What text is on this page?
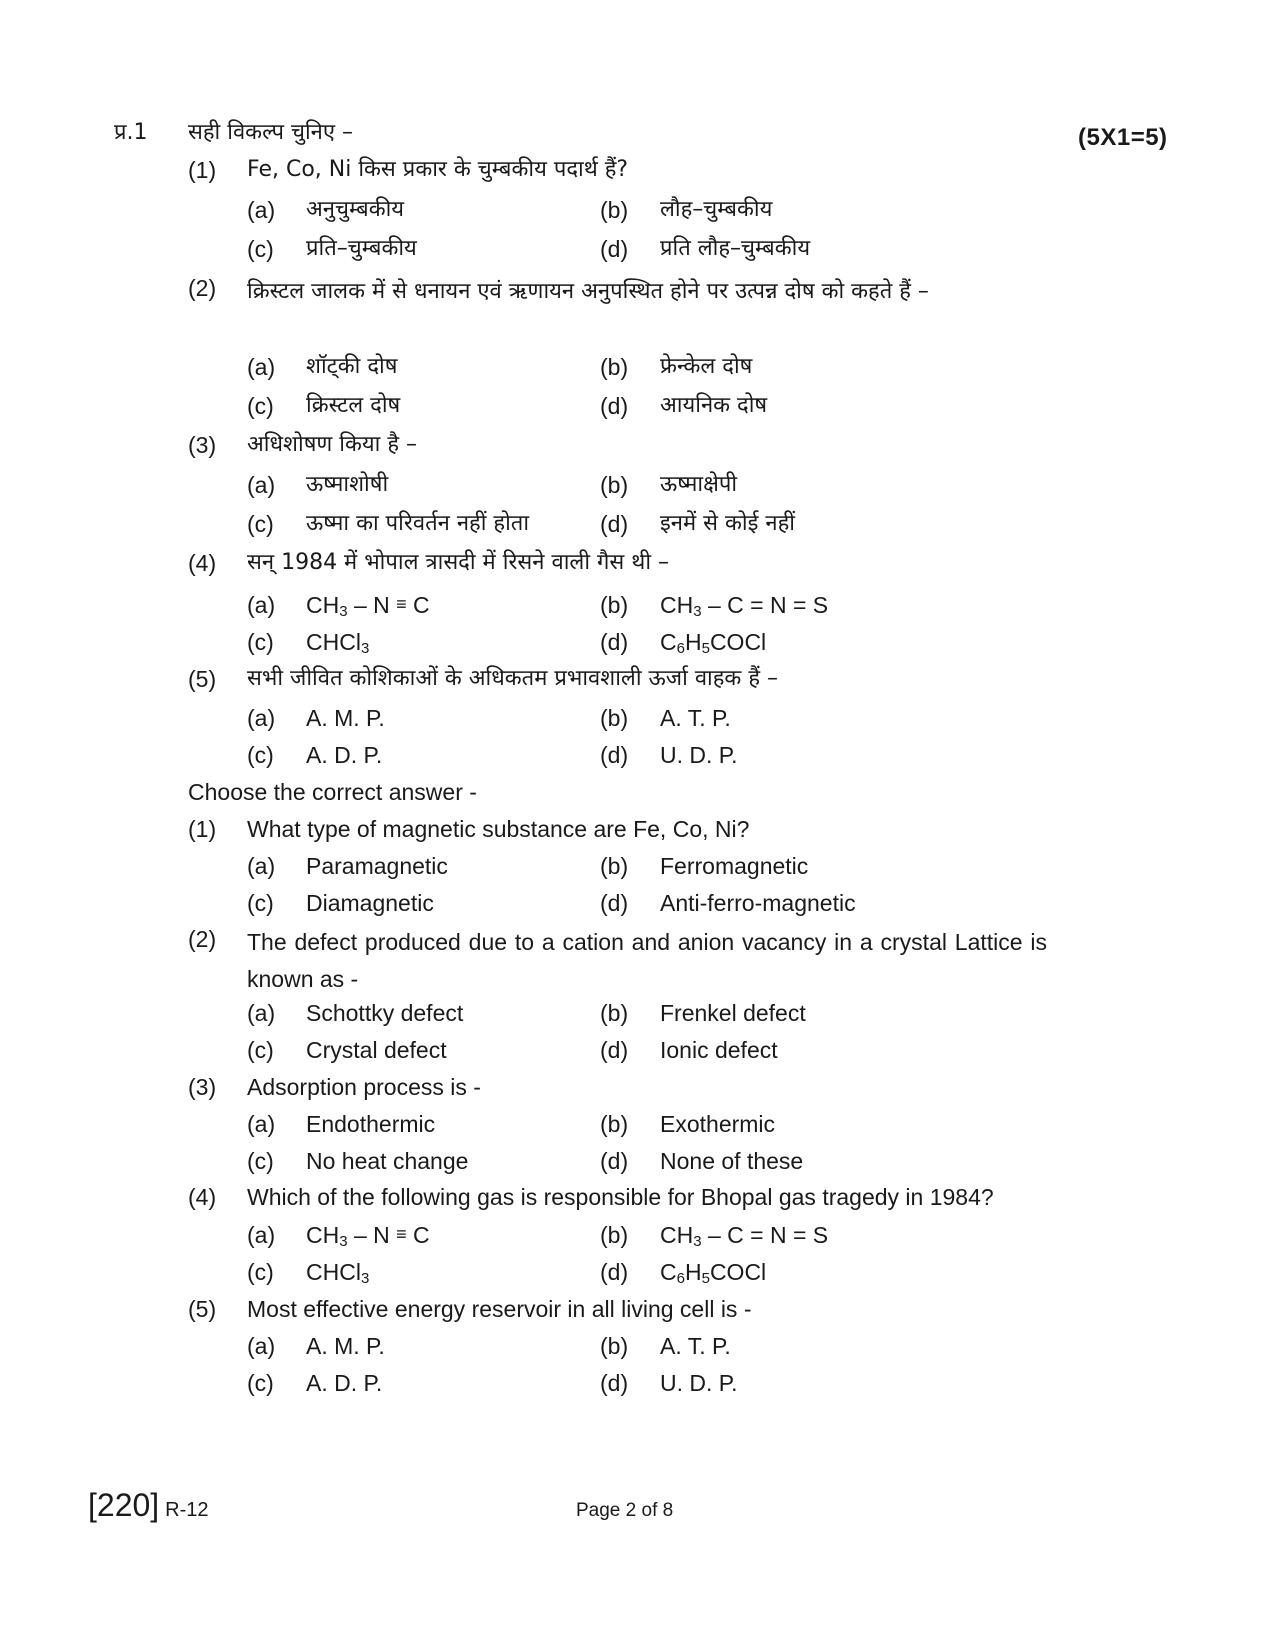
प्र.1 सही विकल्प चुनिए –	(5X1=5)
(1) Fe, Co, Ni किस प्रकार के चुम्बकीय पदार्थ हैं?
(a) अनुचुम्बकीय	(b) लौह–चुम्बकीय
(c) प्रति–चुम्बकीय	(d) प्रति लौह–चुम्बकीय
(2) क्रिस्टल जालक में से धनायन एवं ऋणायन अनुपस्थित होने पर उत्पन्न दोष को कहते हैं –
(a) शॉट्की दोष	(b) फ्रेन्केल दोष
(c) क्रिस्टल दोष	(d) आयनिक दोष
(3) अधिशोषण किया है –
(a) ऊष्माशोषी	(b) ऊष्माक्षेपी
(c) ऊष्मा का परिवर्तन नहीं होता	(d) इनमें से कोई नहीं
(4) सन् 1984 में भोपाल त्रासदी में रिसने वाली गैस थी –
(a) $CH_3 - N \equiv C$	(b) $CH_3 - C = N = S$
(c) CHCl$_3$	(d) $C_6H_5COCl$
(5) सभी जीवित कोशिकाओं के अधिकतम प्रभावशाली ऊर्जा वाहक हैं –
(a) A. M. P.	(b) A. T. P.
(c) A. D. P.	(d) U. D. P.
Choose the correct answer -
(1) What type of magnetic substance are Fe, Co, Ni?
(a) Paramagnetic	(b) Ferromagnetic
(c) Diamagnetic	(d) Anti-ferro-magnetic
(2) The defect produced due to a cation and anion vacancy in a crystal Lattice is known as -
(a) Schottky defect	(b) Frenkel defect
(c) Crystal defect	(d) Ionic defect
(3) Adsorption process is -
(a) Endothermic	(b) Exothermic
(c) No heat change	(d) None of these
(4) Which of the following gas is responsible for Bhopal gas tragedy in 1984?
(a) $CH_3 - N \equiv C$	(b) $CH_3 - C = N = S$
(c) CHCl$_3$	(d) $C_6H_5COCl$
(5) Most effective energy reservoir in all living cell is -
(a) A. M. P.	(b) A. T. P.
(c) A. D. P.	(d) U. D. P.
[220] R-12	Page 2 of 8
